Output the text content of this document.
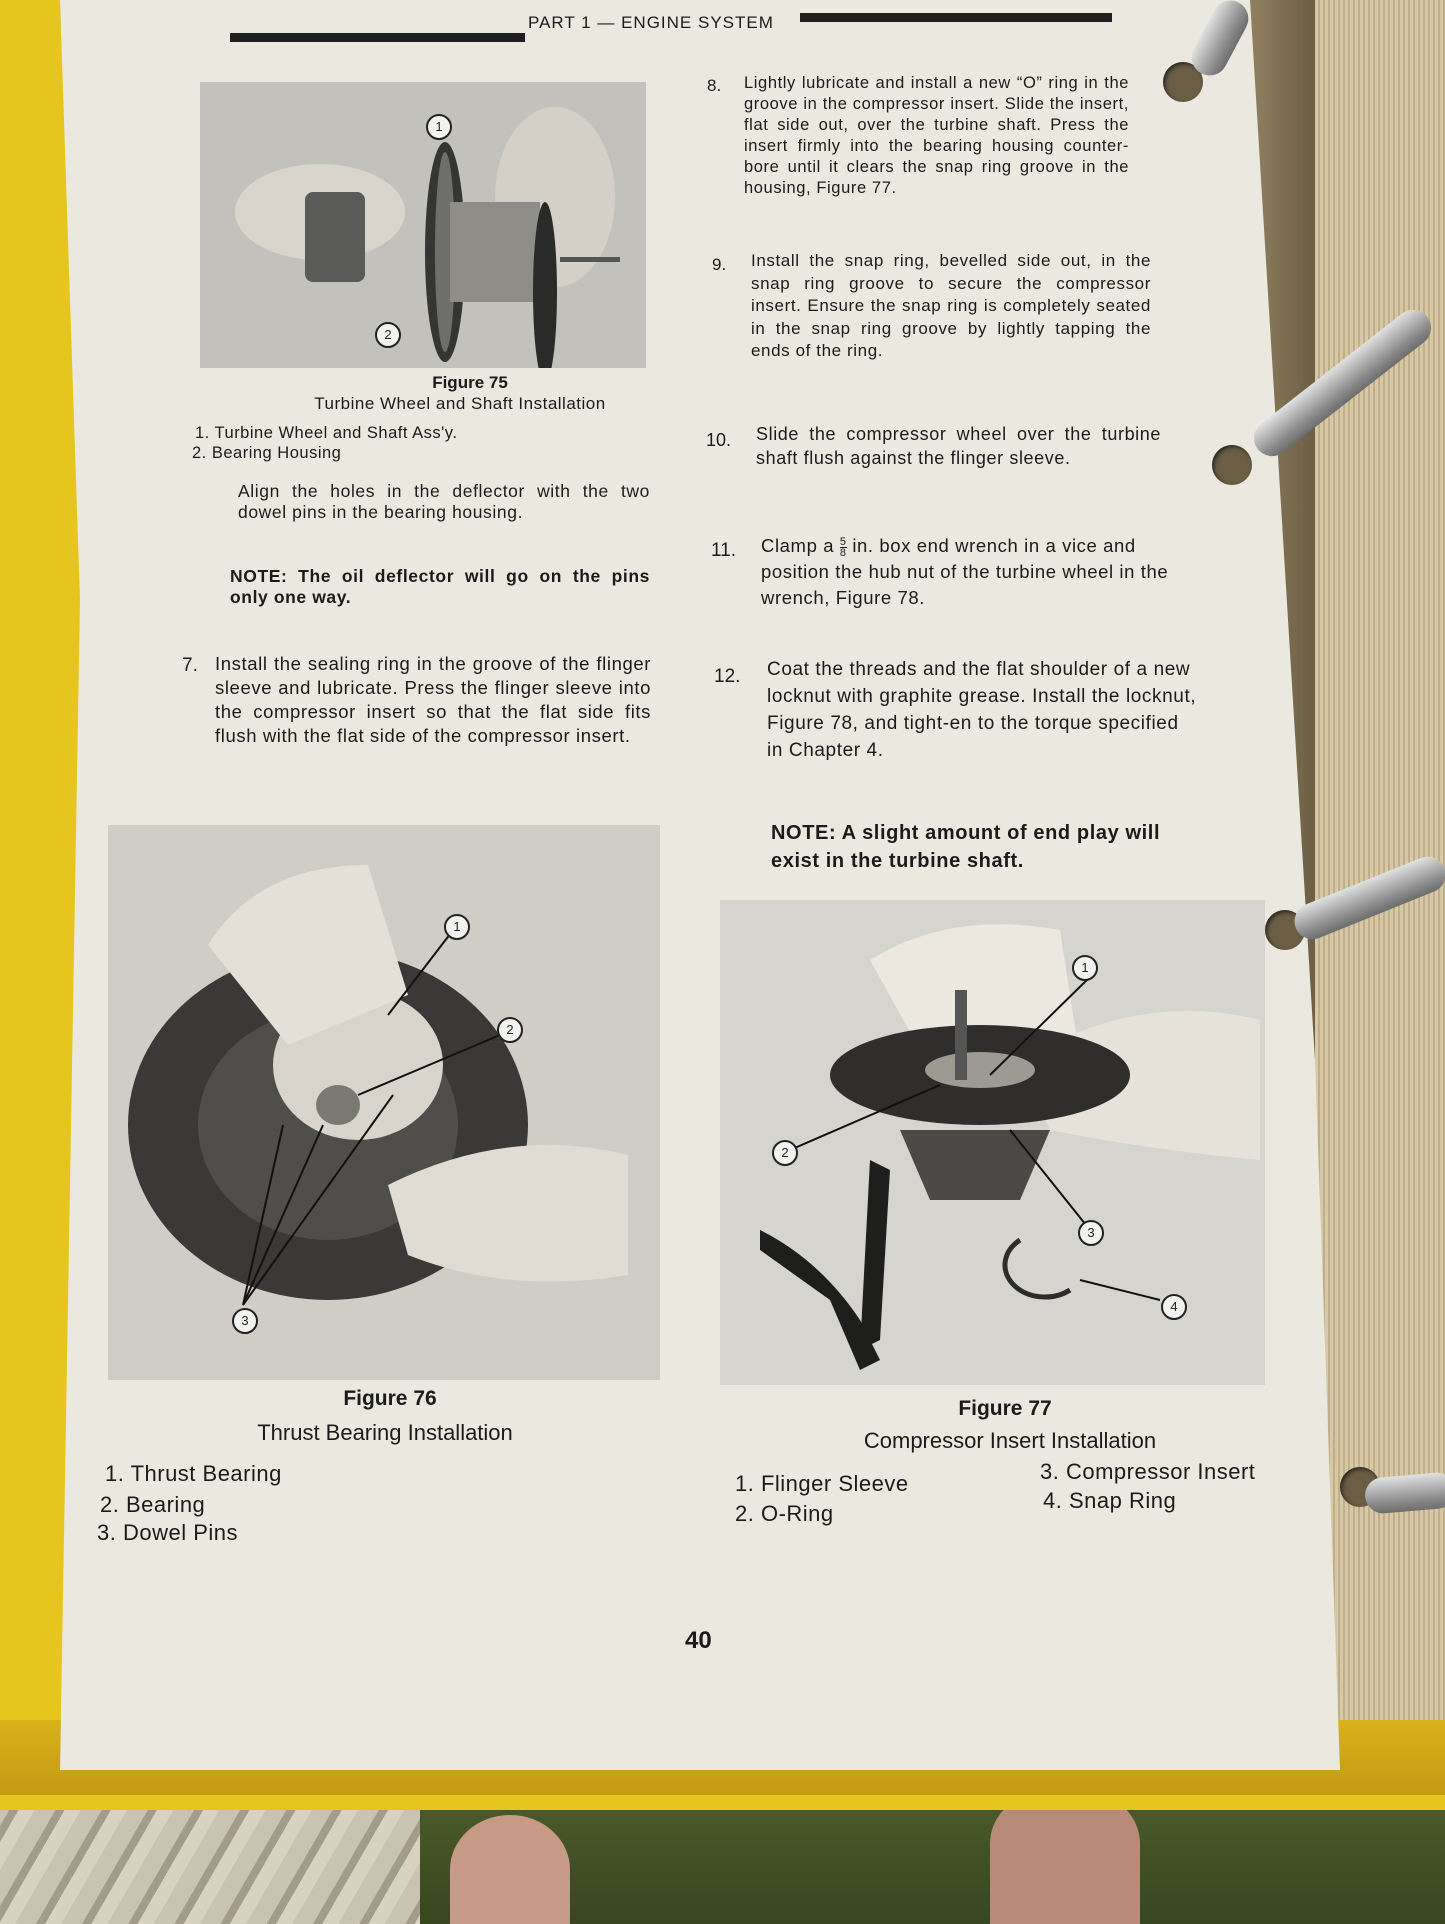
PART 1 — ENGINE SYSTEM
1
2
Figure 75
Turbine Wheel and Shaft Installation
1. Turbine Wheel and Shaft Ass'y.
2. Bearing Housing
Align the holes in the deflector with the two dowel pins in the bearing housing.
NOTE: The oil deflector will go on the pins only one way.
7. Install the sealing ring in the groove of the flinger sleeve and lubricate. Press the flinger sleeve into the compressor insert so that the flat side fits flush with the flat side of the compressor insert.
8. Lightly lubricate and install a new “O” ring in the groove in the compressor insert. Slide the insert, flat side out, over the turbine shaft. Press the insert firmly into the bearing housing counter-bore until it clears the snap ring groove in the housing, Figure 77.
9. Install the snap ring, bevelled side out, in the snap ring groove to secure the compressor insert. Ensure the snap ring is completely seated in the snap ring groove by lightly tapping the ends of the ring.
10. Slide the compressor wheel over the turbine shaft flush against the flinger sleeve.
11. Clamp a $\frac{5}{8}$ in. box end wrench in a vice and position the hub nut of the turbine wheel in the wrench, Figure 78.
12. Coat the threads and the flat shoulder of a new locknut with graphite grease. Install the locknut, Figure 78, and tight-en to the torque specified in Chapter 4.
NOTE: A slight amount of end play will exist in the turbine shaft.
1
2
3
Figure 76
Thrust Bearing Installation
1. Thrust Bearing
2. Bearing
3. Dowel Pins
1
2
3
4
Figure 77
Compressor Insert Installation
1. Flinger Sleeve
2. O-Ring
3. Compressor Insert
4. Snap Ring
40
